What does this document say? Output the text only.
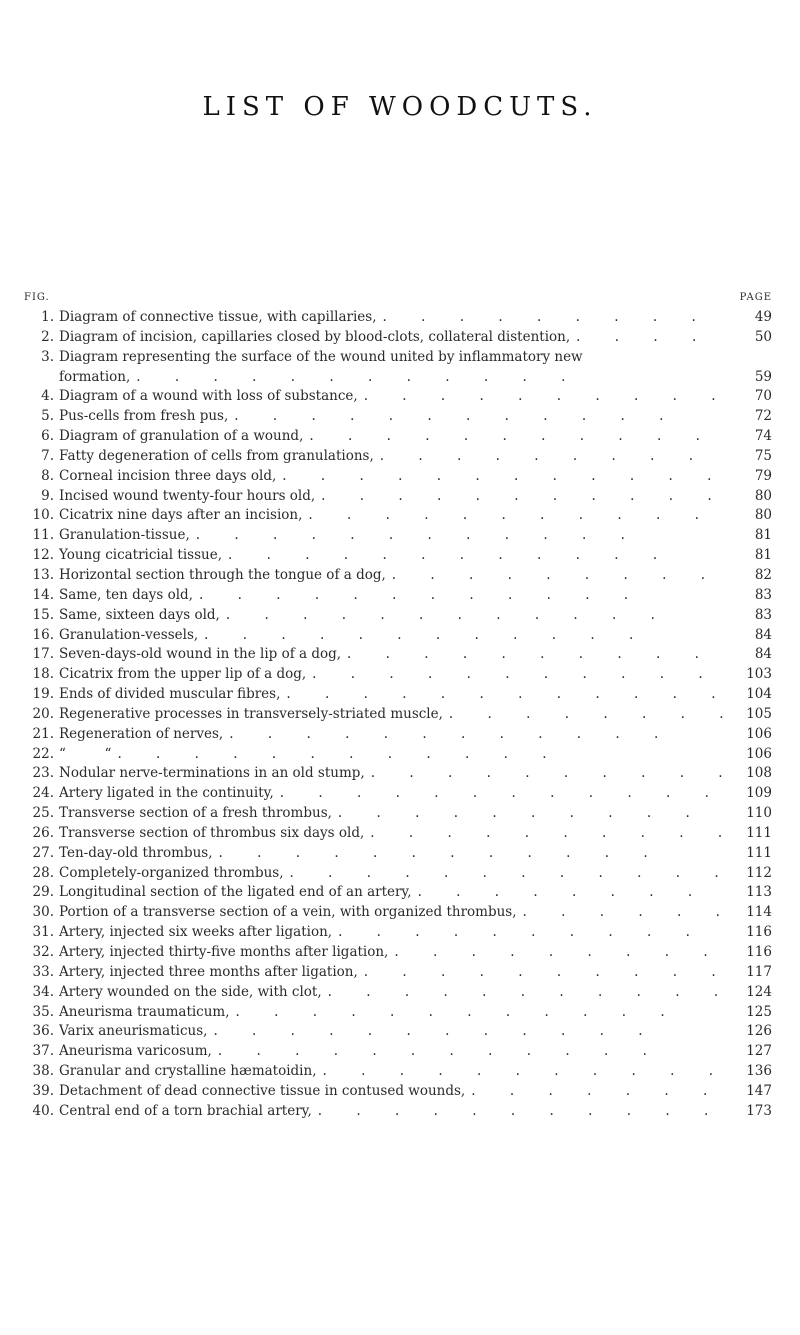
LIST OF WOODCUTS.
FIG.	PAGE
1. Diagram of connective tissue, with capillaries, .	49
2. Diagram of incision, capillaries closed by blood-clots, collateral distention, .	50
3. Diagram representing the surface of the wound united by inflammatory new
formation, .	59
4. Diagram of a wound with loss of substance, .	70
5. Pus-cells from fresh pus, .	72
6. Diagram of granulation of a wound, .	74
7. Fatty degeneration of cells from granulations, .	75
8. Corneal incision three days old, .	79
9. Incised wound twenty-four hours old, .	80
10. Cicatrix nine days after an incision, .	80
11. Granulation-tissue, .	81
12. Young cicatricial tissue, .	81
13. Horizontal section through the tongue of a dog, .	82
14. Same, ten days old, .	83
15. Same, sixteen days old, .	83
16. Granulation-vessels, .	84
17. Seven-days-old wound in the lip of a dog, .	84
18. Cicatrix from the upper lip of a dog, .	103
19. Ends of divided muscular fibres, .	104
20. Regenerative processes in transversely-striated muscle, .	105
21. Regeneration of nerves, .	106
22. “         “ .	106
23. Nodular nerve-terminations in an old stump, .	108
24. Artery ligated in the continuity, .	109
25. Transverse section of a fresh thrombus, .	110
26. Transverse section of thrombus six days old, .	111
27. Ten-day-old thrombus, .	111
28. Completely-organized thrombus, .	112
29. Longitudinal section of the ligated end of an artery, .	113
30. Portion of a transverse section of a vein, with organized thrombus, .	114
31. Artery, injected six weeks after ligation, .	116
32. Artery, injected thirty-five months after ligation, .	116
33. Artery, injected three months after ligation, .	117
34. Artery wounded on the side, with clot, .	124
35. Aneurisma traumaticum, .	125
36. Varix aneurismaticus, .	126
37. Aneurisma varicosum, .	127
38. Granular and crystalline hæmatoidin, .	136
39. Detachment of dead connective tissue in contused wounds, .	147
40. Central end of a torn brachial artery, .	173
